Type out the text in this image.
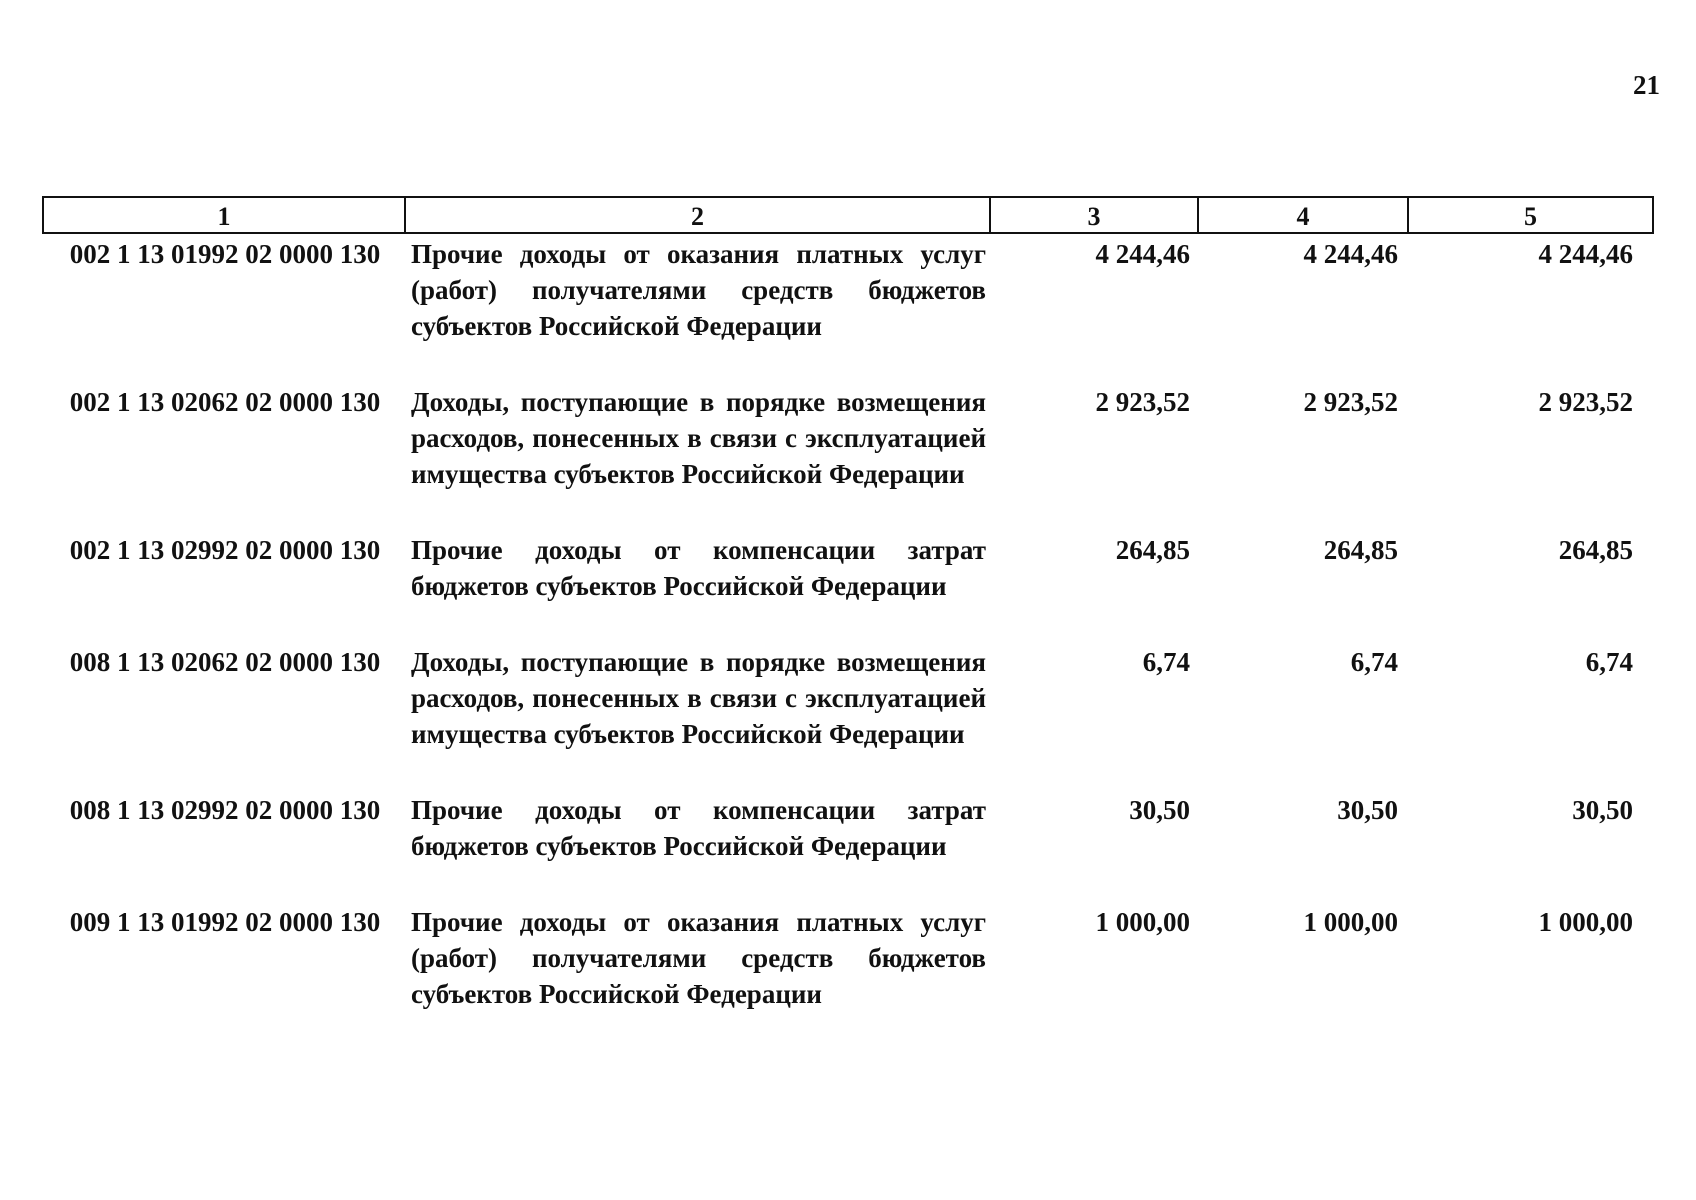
21
1	2	3	4	5
002 1 13 01992 02 0000 130	Прочие доходы от оказания платных услуг (работ) получателями средств бюджетов субъектов Российской Федерации	4 244,46	4 244,46	4 244,46
002 1 13 02062 02 0000 130	Доходы, поступающие в порядке возмещения расходов, понесенных в связи с эксплуатацией имущества субъектов Российской Федерации	2 923,52	2 923,52	2 923,52
002 1 13 02992 02 0000 130	Прочие доходы от компенсации затрат бюджетов субъектов Российской Федерации	264,85	264,85	264,85
008 1 13 02062 02 0000 130	Доходы, поступающие в порядке возмещения расходов, понесенных в связи с эксплуатацией имущества субъектов Российской Федерации	6,74	6,74	6,74
008 1 13 02992 02 0000 130	Прочие доходы от компенсации затрат бюджетов субъектов Российской Федерации	30,50	30,50	30,50
009 1 13 01992 02 0000 130	Прочие доходы от оказания платных услуг (работ) получателями средств бюджетов субъектов Российской Федерации	1 000,00	1 000,00	1 000,00
